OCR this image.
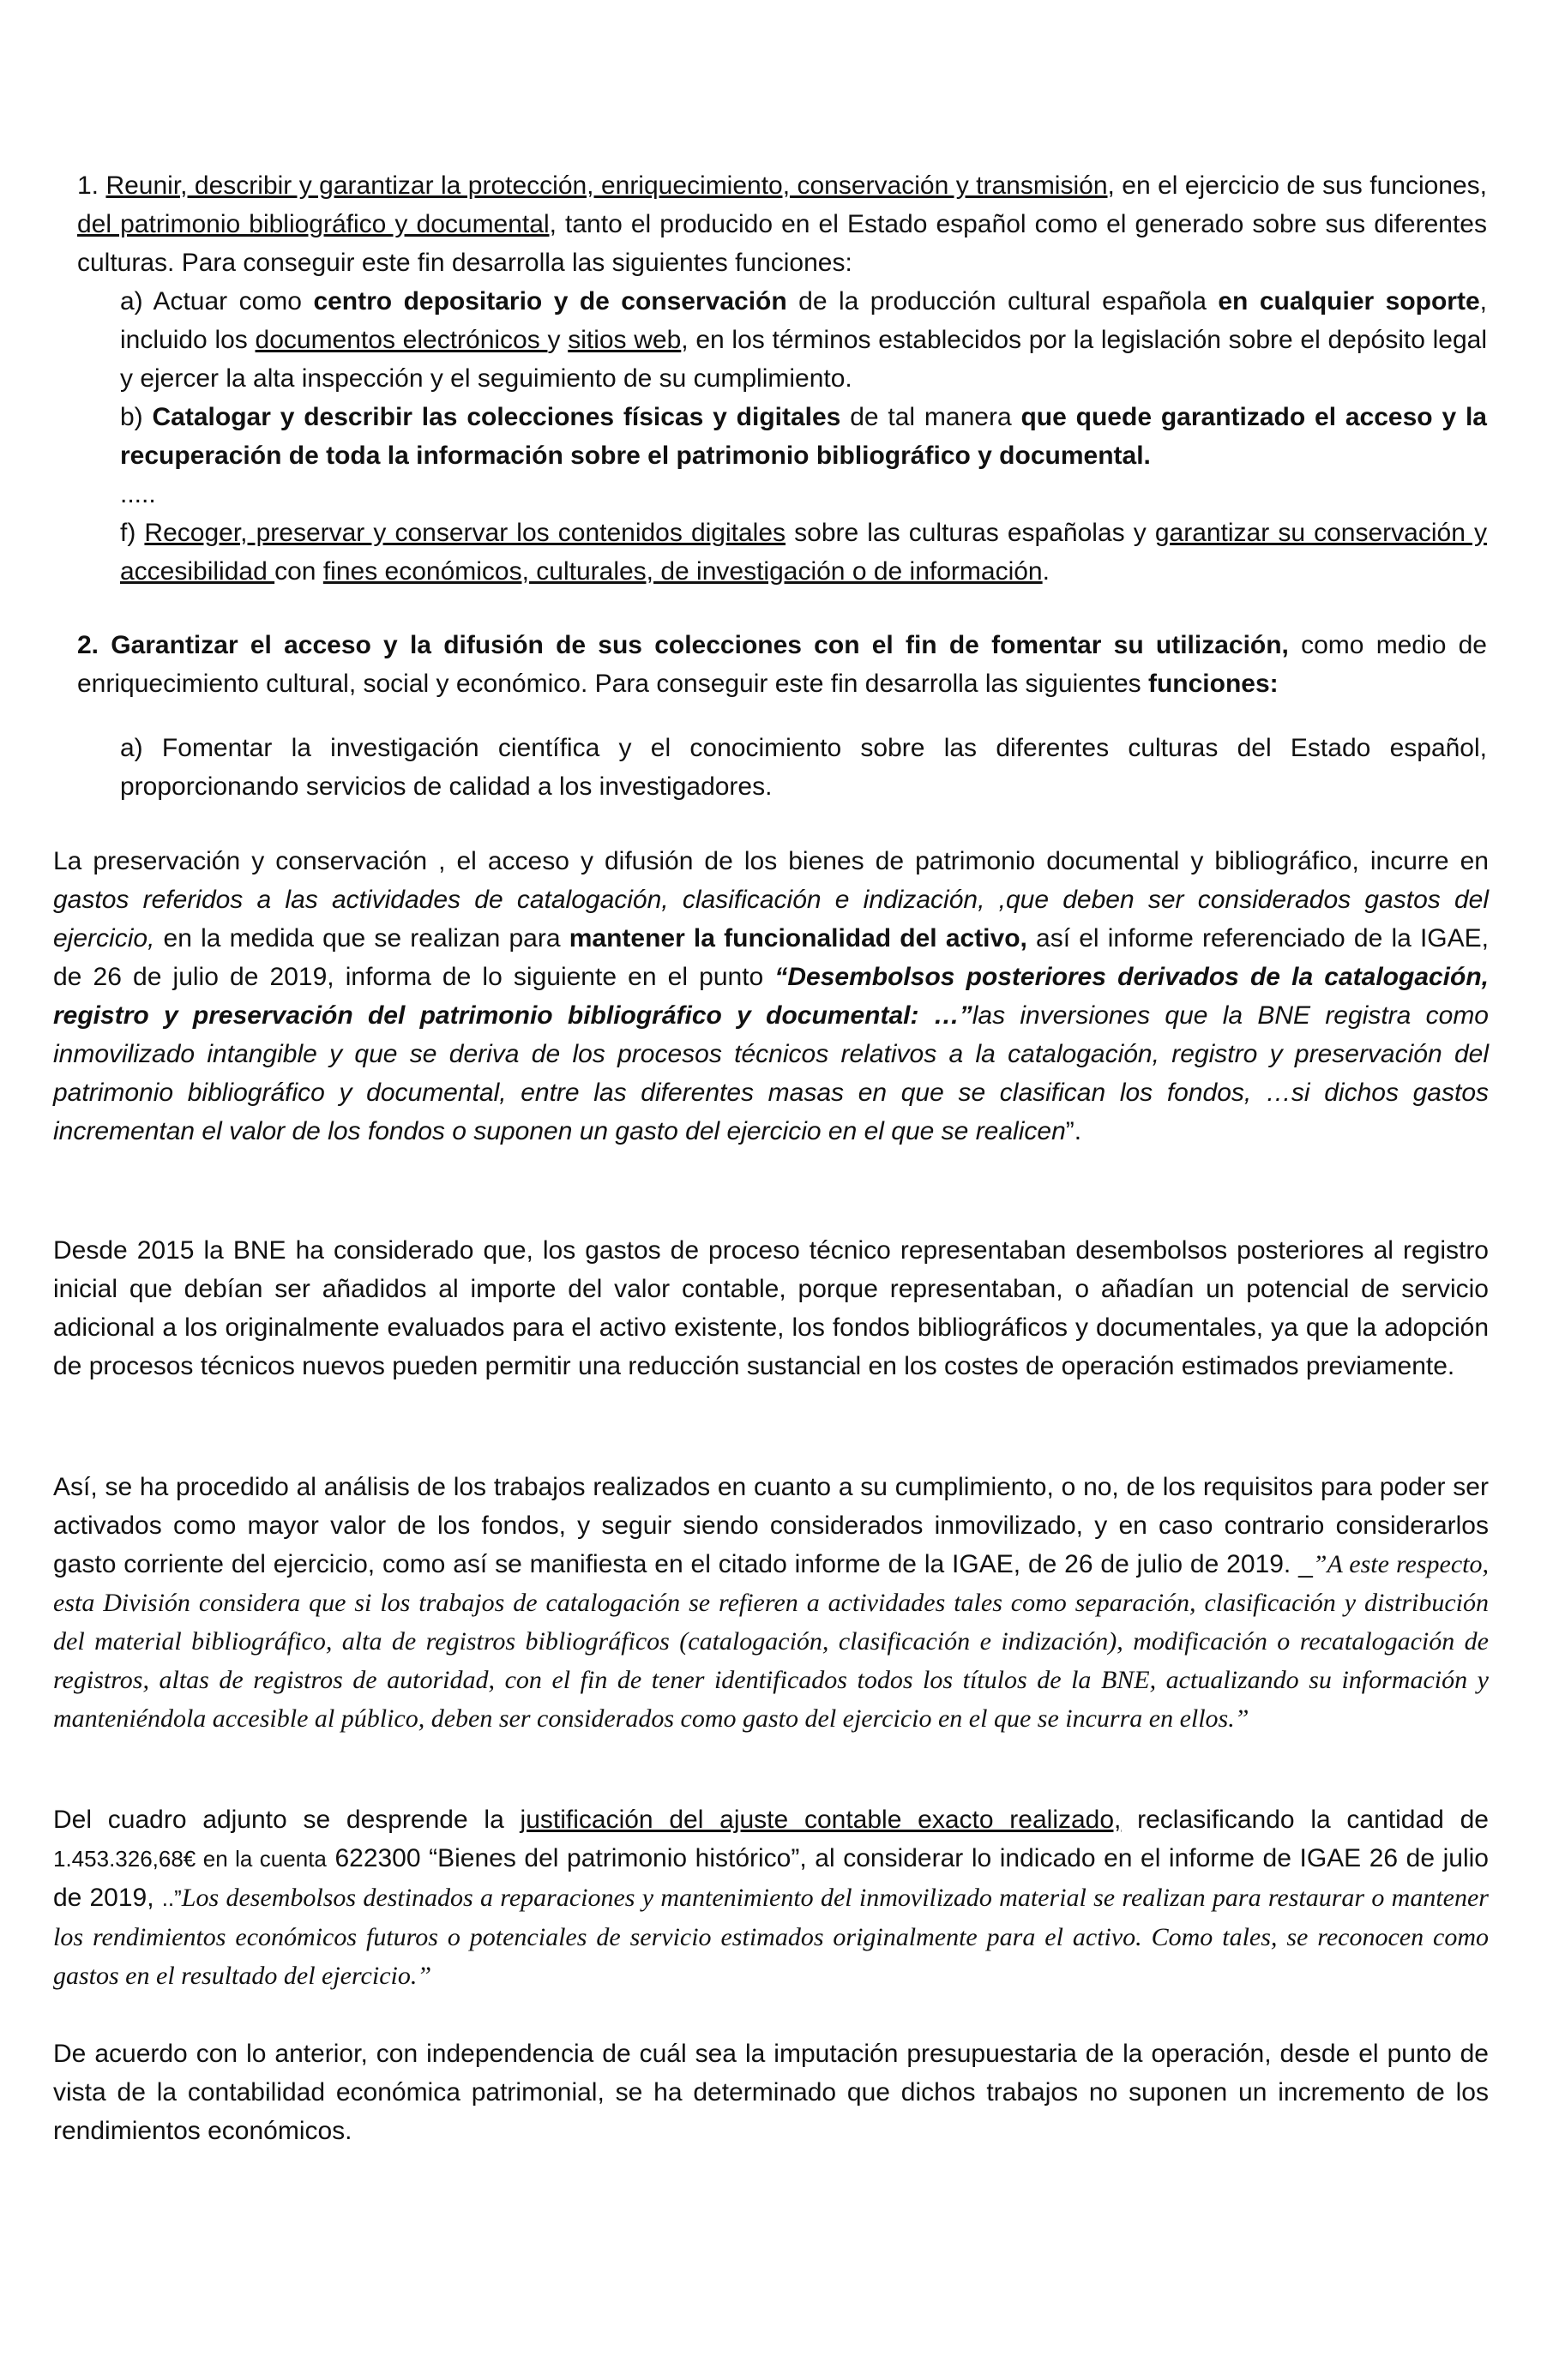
1. Reunir, describir y garantizar la protección, enriquecimiento, conservación y transmisión, en el ejercicio de sus funciones, del patrimonio bibliográfico y documental, tanto el producido en el Estado español como el generado sobre sus diferentes culturas. Para conseguir este fin desarrolla las siguientes funciones:

a) Actuar como centro depositario y de conservación de la producción cultural española en cualquier soporte, incluido los documentos electrónicos y sitios web, en los términos establecidos por la legislación sobre el depósito legal y ejercer la alta inspección y el seguimiento de su cumplimiento.

b) Catalogar y describir las colecciones físicas y digitales de tal manera que quede garantizado el acceso y la recuperación de toda la información sobre el patrimonio bibliográfico y documental.

.....

f) Recoger, preservar y conservar los contenidos digitales sobre las culturas españolas y garantizar su conservación y accesibilidad con fines económicos, culturales, de investigación o de información.

2. Garantizar el acceso y la difusión de sus colecciones con el fin de fomentar su utilización, como medio de enriquecimiento cultural, social y económico. Para conseguir este fin desarrolla las siguientes funciones:

a) Fomentar la investigación científica y el conocimiento sobre las diferentes culturas del Estado español, proporcionando servicios de calidad a los investigadores.

La preservación y conservación , el acceso y difusión de los bienes de patrimonio documental y bibliográfico, incurre en gastos referidos a las actividades de catalogación, clasificación e indización, ,que deben ser considerados gastos del ejercicio, en la medida que se realizan para mantener la funcionalidad del activo, así el informe referenciado de la IGAE, de 26 de julio de 2019, informa de lo siguiente en el punto “Desembolsos posteriores derivados de la catalogación, registro y preservación del patrimonio bibliográfico y documental: …”las inversiones que la BNE registra como inmovilizado intangible y que se deriva de los procesos técnicos relativos a la catalogación, registro y preservación del patrimonio bibliográfico y documental, entre las diferentes masas en que se clasifican los fondos, …si dichos gastos incrementan el valor de los fondos o suponen un gasto del ejercicio en el que se realicen”.

Desde 2015 la BNE ha considerado que, los gastos de proceso técnico representaban desembolsos posteriores al registro inicial que debían ser añadidos al importe del valor contable, porque representaban, o añadían un potencial de servicio adicional a los originalmente evaluados para el activo existente, los fondos bibliográficos y documentales, ya que la adopción de procesos técnicos nuevos pueden permitir una reducción sustancial en los costes de operación estimados previamente.

Así, se ha procedido al análisis de los trabajos realizados en cuanto a su cumplimiento, o no, de los requisitos para poder ser activados como mayor valor de los fondos, y seguir siendo considerados inmovilizado, y en caso contrario considerarlos gasto corriente del ejercicio, como así se manifiesta en el citado informe de la IGAE, de 26 de julio de 2019. _”A este respecto, esta División considera que si los trabajos de catalogación se refieren a actividades tales como separación, clasificación y distribución del material bibliográfico, alta de registros bibliográficos (catalogación, clasificación e indización), modificación o recatalogación de registros, altas de registros de autoridad, con el fin de tener identificados todos los títulos de la BNE, actualizando su información y manteniéndola accesible al público, deben ser considerados como gasto del ejercicio en el que se incurra en ellos.”

Del cuadro adjunto se desprende la justificación del ajuste contable exacto realizado, reclasificando la cantidad de 1.453.326,68€ en la cuenta 622300 “Bienes del patrimonio histórico”, al considerar lo indicado en el informe de IGAE 26 de julio de 2019, ..”Los desembolsos destinados a reparaciones y mantenimiento del inmovilizado material se realizan para restaurar o mantener los rendimientos económicos futuros o potenciales de servicio estimados originalmente para el activo. Como tales, se reconocen como gastos en el resultado del ejercicio.”

De acuerdo con lo anterior, con independencia de cuál sea la imputación presupuestaria de la operación, desde el punto de vista de la contabilidad económica patrimonial, se ha determinado que dichos trabajos no suponen un incremento de los rendimientos económicos.
